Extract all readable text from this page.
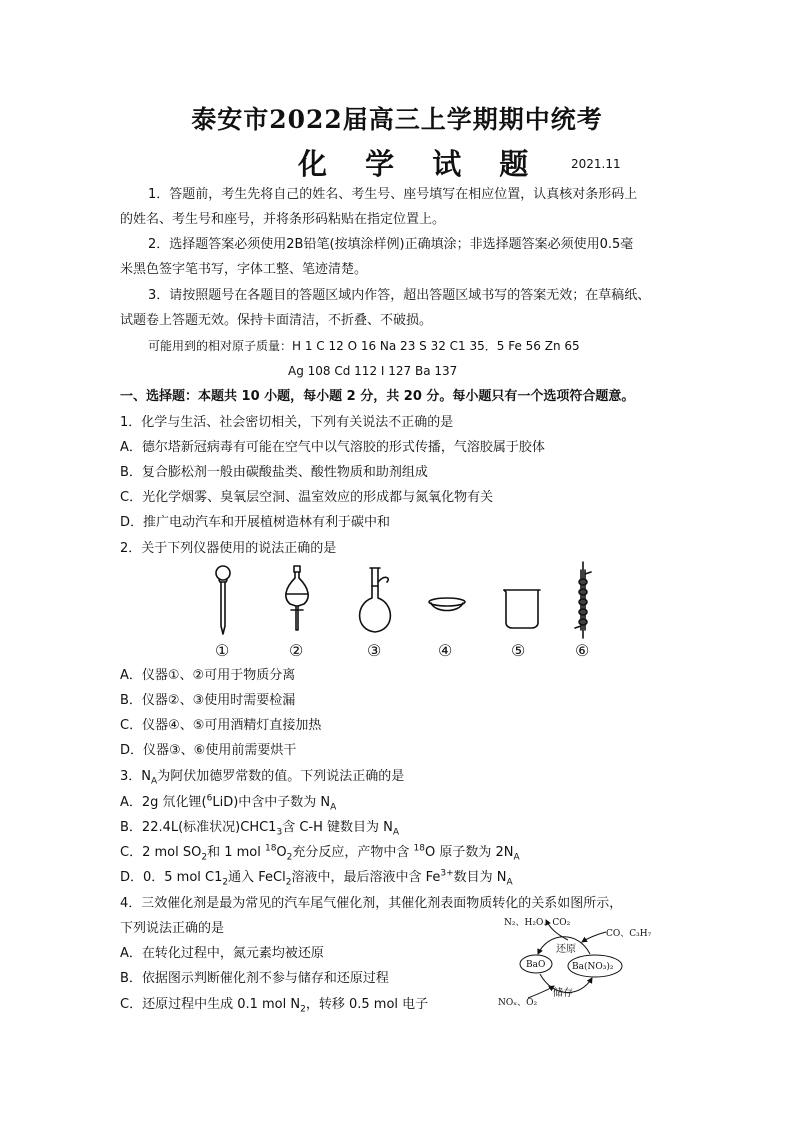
泰安市2022届高三上学期期中统考
化 学 试 题 2021.11
1．答题前，考生先将自己的姓名、考生号、座号填写在相应位置，认真核对条形码上
的姓名、考生号和座号，并将条形码粘贴在指定位置上。
2．选择题答案必须使用2B铅笔(按填涂样例)正确填涂；非选择题答案必须使用0.5毫
米黑色签字笔书写，字体工整、笔迹清楚。
3．请按照题号在各题目的答题区域内作答，超出答题区域书写的答案无效；在草稿纸、
试题卷上答题无效。保持卡面清洁，不折叠、不破损。
可能用到的相对原子质量：H 1 C 12 O 16 Na 23 S 32 C1 35．5 Fe 56 Zn 65
Ag 108 Cd 112 I 127 Ba 137
一、选择题：本题共 10 小题，每小题 2 分，共 20 分。每小题只有一个选项符合题意。
1．化学与生活、社会密切相关，下列有关说法不正确的是
A．德尔塔新冠病毒有可能在空气中以气溶胶的形式传播，气溶胶属于胶体
B．复合膨松剂一般由碳酸盐类、酸性物质和助剂组成
C．光化学烟雾、臭氧层空洞、温室效应的形成都与氮氧化物有关
D．推广电动汽车和开展植树造林有利于碳中和
2．关于下列仪器使用的说法正确的是
①	②	③	④	⑤	⑥
A．仪器①、②可用于物质分离
B．仪器②、③使用时需要检漏
C．仪器④、⑤可用酒精灯直接加热
D．仪器③、⑥使用前需要烘干
3．$N_A$为阿伏加德罗常数的值。下列说法正确的是
A．2g 氘化锂($^6$LiD)中含中子数为 $N_A$
B．22.4L(标准状况)$CHC1_3$含 C-H 键数目为 $N_A$
C．2 mol $SO_2$和 1 mol $^{18}O_2$充分反应，产物中含 $^{18}$O 原子数为 $2N_A$
D．0．5 mol $C1_2$通入 FeCl$_2$溶液中，最后溶液中含 $Fe^{3+}$数目为 $N_A$
4．三效催化剂是最为常见的汽车尾气催化剂，其催化剂表面物质转化的关系如图所示，
下列说法正确的是
A．在转化过程中，氮元素均被还原
B．依据图示判断催化剂不参与储存和还原过程
C．还原过程中生成 0.1 mol $N_2$，转移 0.5 mol 电子
N₂、H₂O、CO₂
CO、C₃H₇
还原
储存
BaO	Ba(NO₃)₂
NOₓ、O₂
